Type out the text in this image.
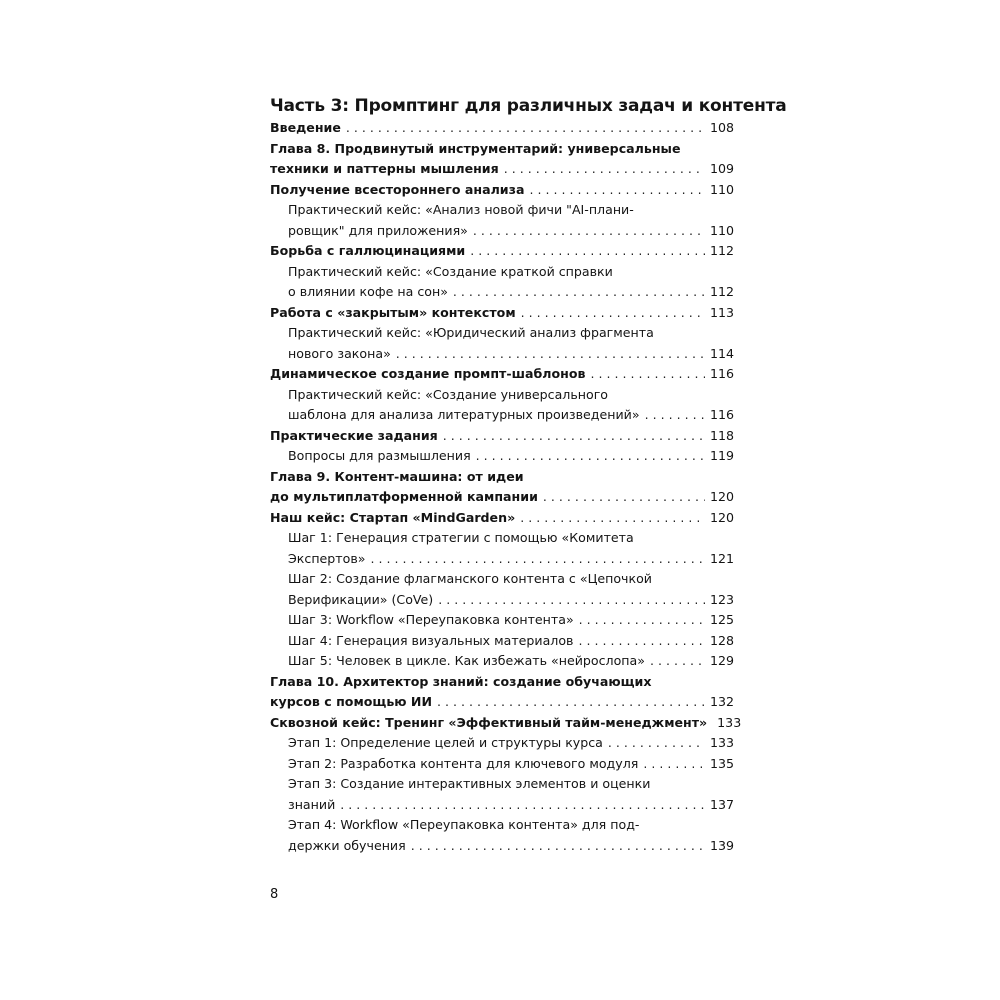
Часть 3: Промптинг для различных задач и контента
Введение . . .	108
Глава 8. Продвинутый инструментарий: универсальные
техники и паттерны мышления . . .	109
Получение всестороннего анализа . . .	110
Практический кейс: «Анализ новой фичи "AI-плани-
ровщик" для приложения» . . .	110
Борьба с галлюцинациями . . .	112
Практический кейс: «Создание краткой справки
о влиянии кофе на сон» . . .	112
Работа с «закрытым» контекстом . . .	113
Практический кейс: «Юридический анализ фрагмента
нового закона» . . .	114
Динамическое создание промпт-шаблонов . . .	116
Практический кейс: «Создание универсального
шаблона для анализа литературных произведений» . . .	116
Практические задания . . .	118
Вопросы для размышления . . .	119
Глава 9. Контент-машина: от идеи
до мультиплатформенной кампании . . .	120
Наш кейс: Стартап «MindGarden» . . .	120
Шаг 1: Генерация стратегии с помощью «Комитета
Экспертов» . . .	121
Шаг 2: Создание флагманского контента с «Цепочкой
Верификации» (CoVe) . . .	123
Шаг 3: Workflow «Переупаковка контента» . . .	125
Шаг 4: Генерация визуальных материалов . . .	128
Шаг 5: Человек в цикле. Как избежать «нейрослопа» . . .	129
Глава 10. Архитектор знаний: создание обучающих
курсов с помощью ИИ . . .	132
Сквозной кейс: Тренинг «Эффективный тайм-менеджмент» 133
Этап 1: Определение целей и структуры курса . . .	133
Этап 2: Разработка контента для ключевого модуля . . .	135
Этап 3: Создание интерактивных элементов и оценки
знаний . . .	137
Этап 4: Workflow «Переупаковка контента» для под-
держки обучения . . .	139
8
